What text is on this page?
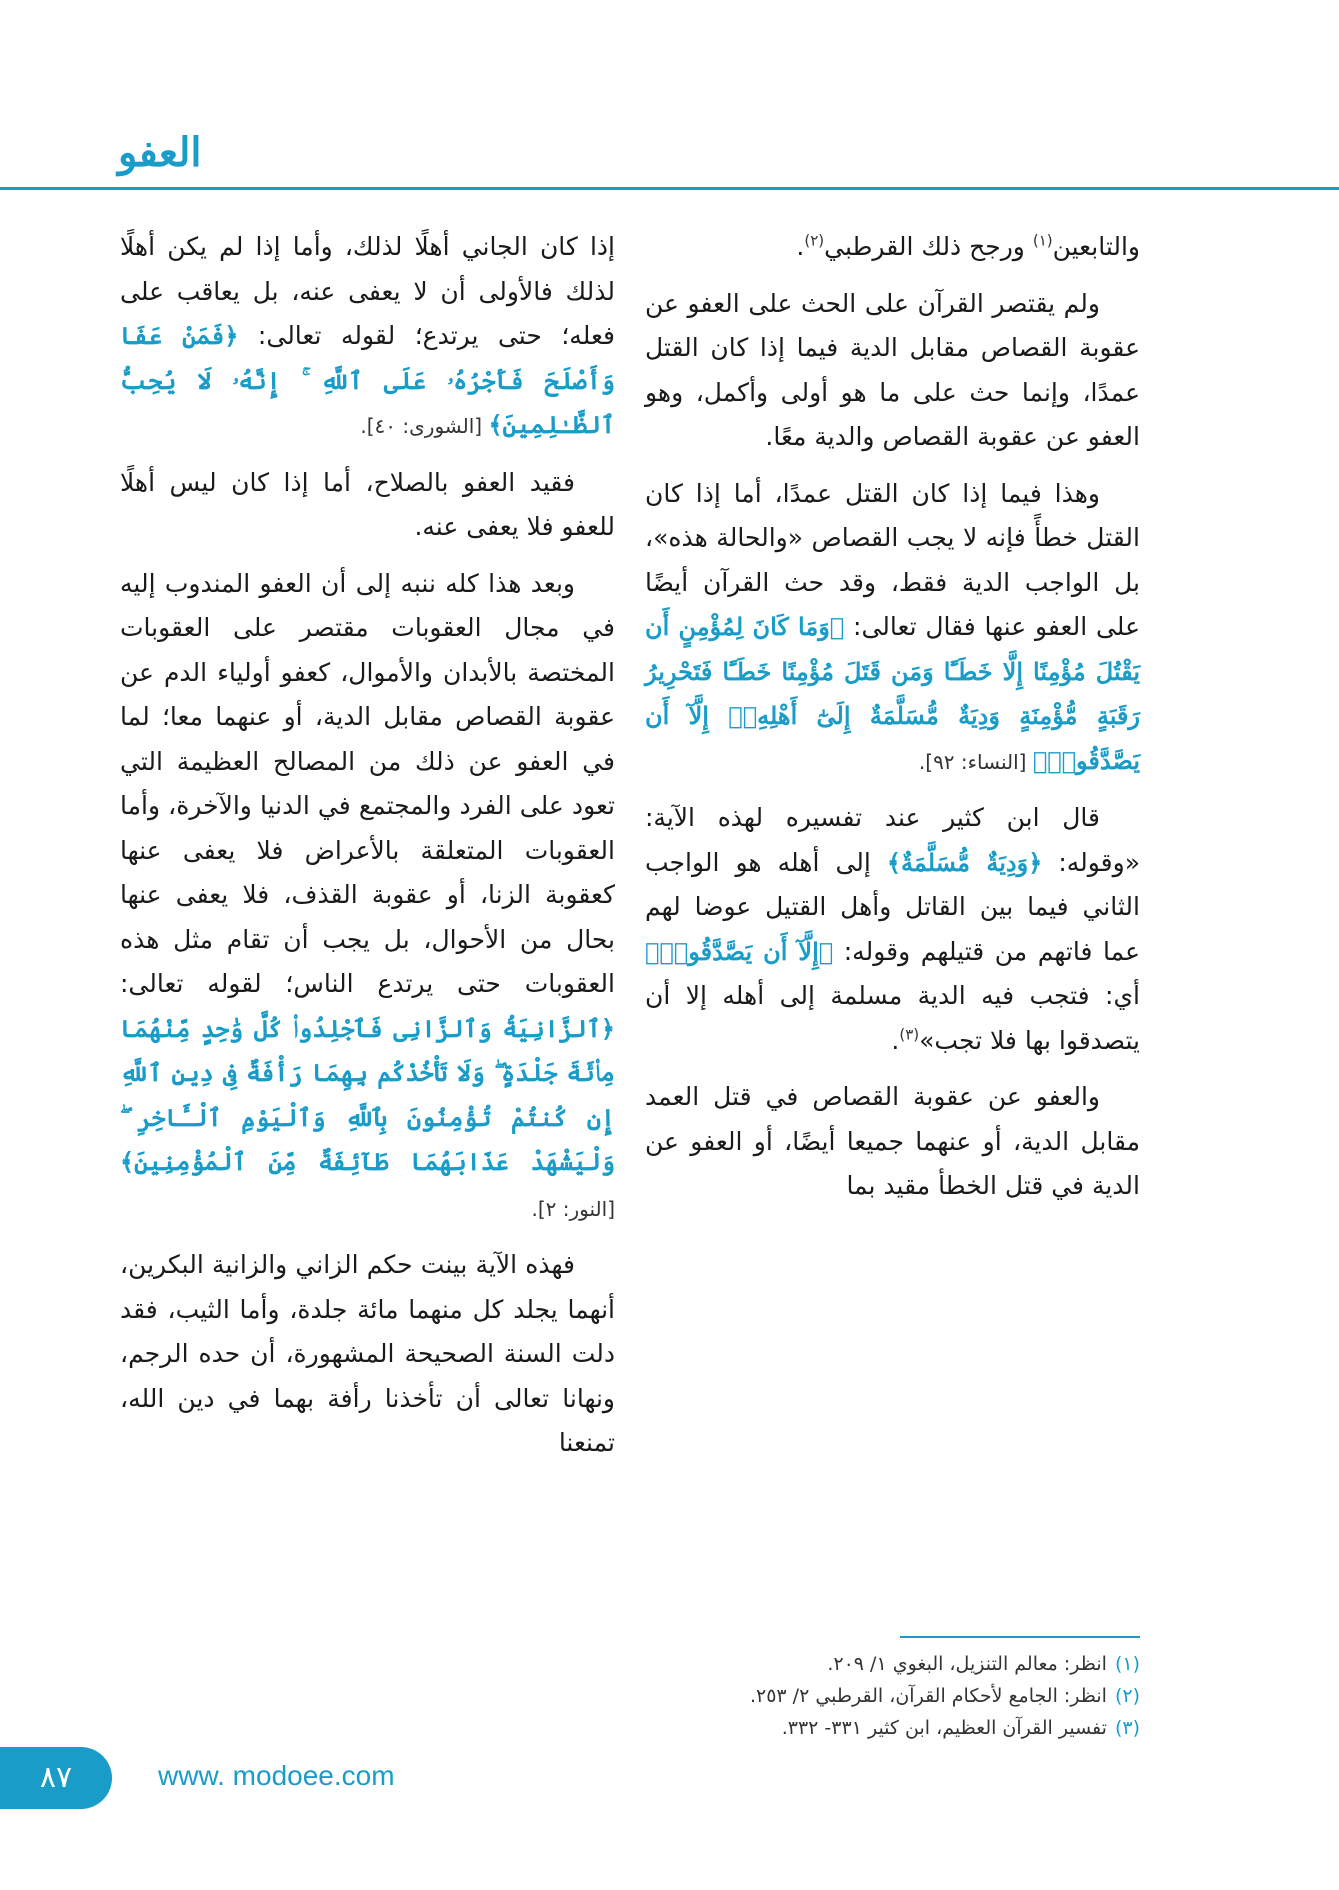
العفو

والتابعين$^{(١)}$ ورجح ذلك القرطبي$^{(٢)}$.

ولم يقتصر القرآن على الحث على العفو عن عقوبة القصاص مقابل الدية فيما إذا كان القتل عمدًا، وإنما حث على ما هو أولى وأكمل، وهو العفو عن عقوبة القصاص والدية معًا.

وهذا فيما إذا كان القتل عمدًا، أما إذا كان القتل خطأً فإنه لا يجب القصاص «والحالة هذه»، بل الواجب الدية فقط، وقد حث القرآن أيضًا على العفو عنها فقال تعالى: ﴿وَمَا كَانَ لِمُؤْمِنٍ أَن يَقْتُلَ مُؤْمِنًا إِلَّا خَطَـًٔا وَمَن قَتَلَ مُؤْمِنًا خَطَـًٔا فَتَحْرِيرُ رَقَبَةٍ مُّؤْمِنَةٍ وَدِيَةٌ مُّسَلَّمَةٌ إِلَىٰٓ أَهْلِهِۦٓ إِلَّآ أَن يَصَّدَّقُوا۟﴾ [النساء: ٩٢].

قال ابن كثير عند تفسيره لهذه الآية: «وقوله: ﴿وَدِيَةٌ مُّسَلَّمَةٌ﴾ إلى أهله هو الواجب الثاني فيما بين القاتل وأهل القتيل عوضا لهم عما فاتهم من قتيلهم وقوله: ﴿إِلَّآ أَن يَصَّدَّقُوا۟﴾ أي: فتجب فيه الدية مسلمة إلى أهله إلا أن يتصدقوا بها فلا تجب»$^{(٣)}$.

والعفو عن عقوبة القصاص في قتل العمد مقابل الدية، أو عنهما جميعا أيضًا، أو العفو عن الدية في قتل الخطأ مقيد بما

إذا كان الجاني أهلًا لذلك، وأما إذا لم يكن أهلًا لذلك فالأولى أن لا يعفى عنه، بل يعاقب على فعله؛ حتى يرتدع؛ لقوله تعالى: ﴿فَمَنْ عَفَا وَأَصْلَحَ فَأَجْرُهُۥ عَلَى ٱللَّهِ ۚ إِنَّهُۥ لَا يُحِبُّ ٱلظَّـٰلِمِينَ﴾ [الشورى: ٤٠].

فقيد العفو بالصلاح، أما إذا كان ليس أهلًا للعفو فلا يعفى عنه.

وبعد هذا كله ننبه إلى أن العفو المندوب إليه في مجال العقوبات مقتصر على العقوبات المختصة بالأبدان والأموال، كعفو أولياء الدم عن عقوبة القصاص مقابل الدية، أو عنهما معا؛ لما في العفو عن ذلك من المصالح العظيمة التي تعود على الفرد والمجتمع في الدنيا والآخرة، وأما العقوبات المتعلقة بالأعراض فلا يعفى عنها كعقوبة الزنا، أو عقوبة القذف، فلا يعفى عنها بحال من الأحوال، بل يجب أن تقام مثل هذه العقوبات حتى يرتدع الناس؛ لقوله تعالى: ﴿ٱلزَّانِيَةُ وَٱلزَّانِى فَٱجْلِدُوا۟ كُلَّ وَٰحِدٍ مِّنْهُمَا مِا۟ئَةَ جَلْدَةٍ ۖ وَلَا تَأْخُذْكُم بِهِمَا رَأْفَةٌ فِى دِينِ ٱللَّهِ إِن كُنتُمْ تُؤْمِنُونَ بِٱللَّهِ وَٱلْيَوْمِ ٱلْـَٔاخِرِ ۖ وَلْيَشْهَدْ عَذَابَهُمَا طَآئِفَةٌ مِّنَ ٱلْمُؤْمِنِينَ﴾ [النور: ٢].

فهذه الآية بينت حكم الزاني والزانية البكرين، أنهما يجلد كل منهما مائة جلدة، وأما الثيب، فقد دلت السنة الصحيحة المشهورة، أن حده الرجم، ونهانا تعالى أن تأخذنا رأفة بهما في دين الله، تمنعنا

(١)
انظر: معالم التنزيل، البغوي ١/ ٢٠٩.
(٢)
انظر: الجامع لأحكام القرآن، القرطبي ٢/ ٢٥٣.
(٣)
تفسير القرآن العظيم، ابن كثير ٣٣١- ٣٣٢.
٨٧	www. modoee.com
